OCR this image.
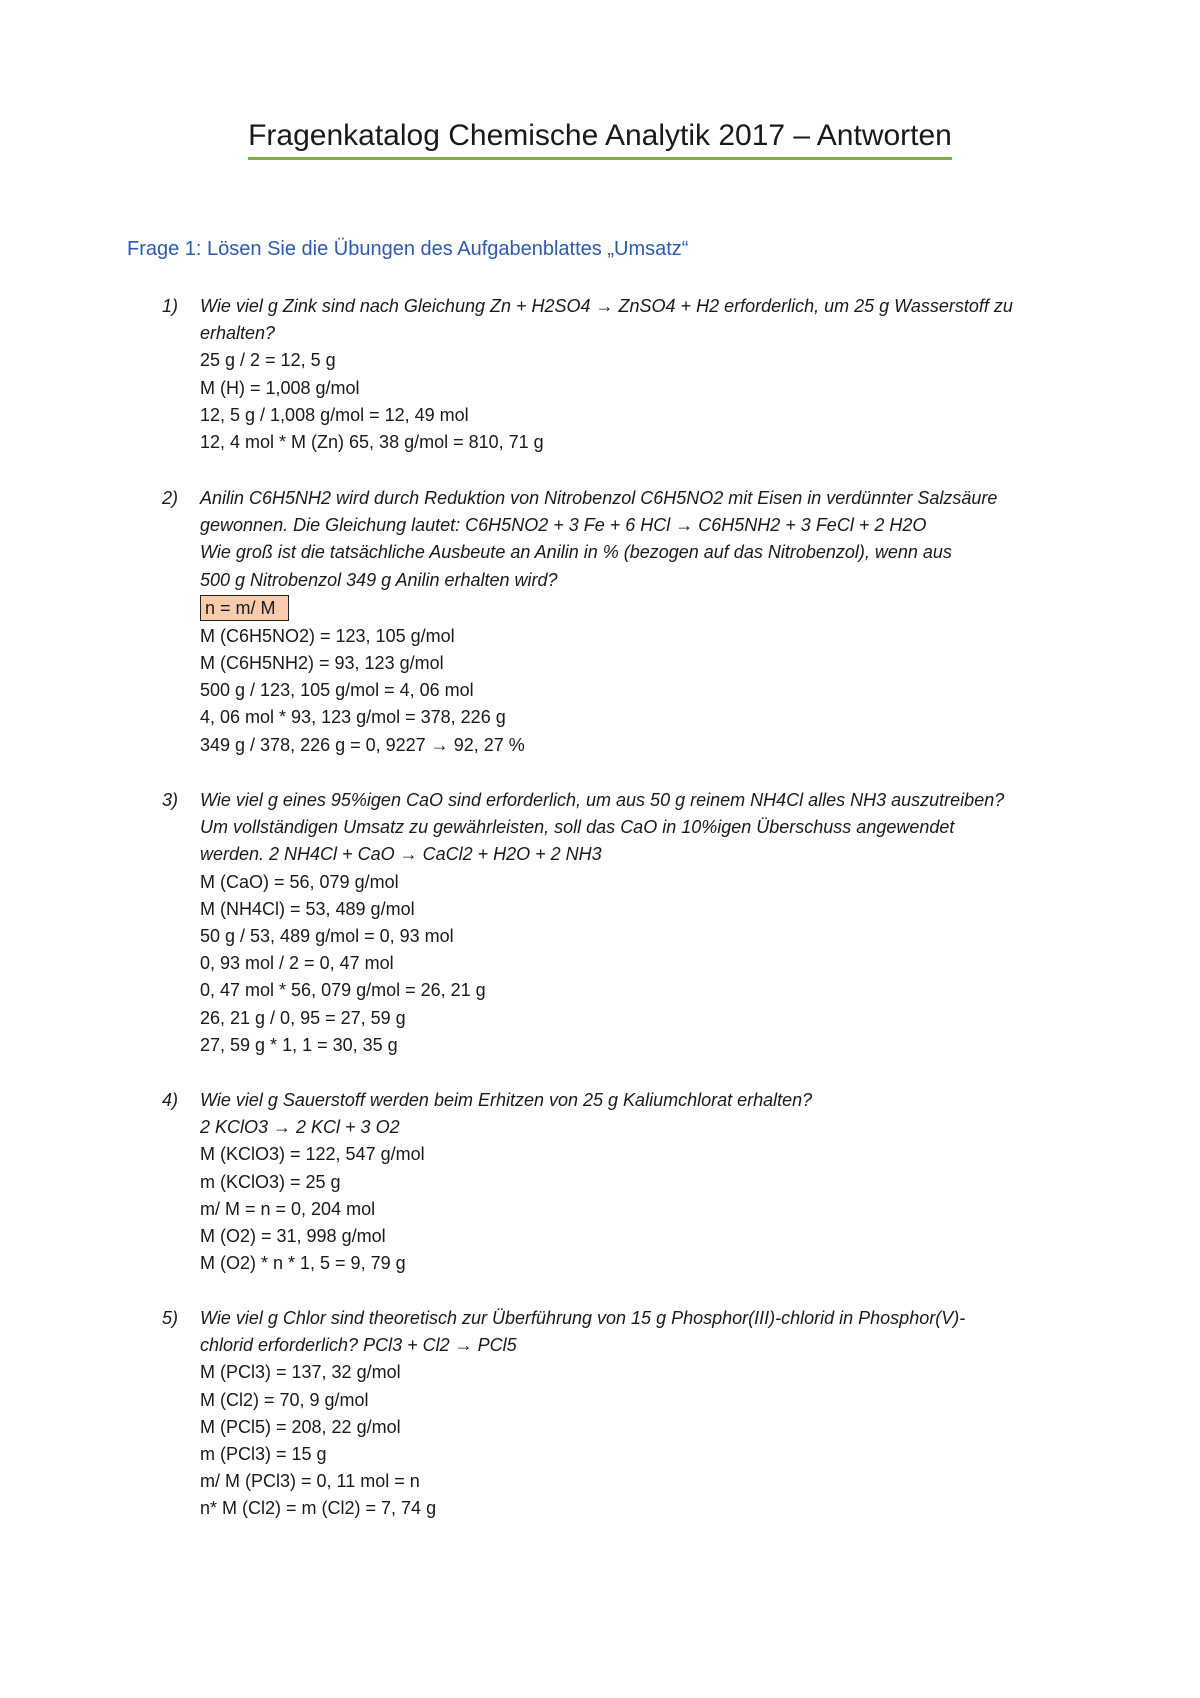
Fragenkatalog Chemische Analytik 2017 – Antworten
Frage 1: Lösen Sie die Übungen des Aufgabenblattes „Umsatz“
1) Wie viel g Zink sind nach Gleichung Zn + H2SO4 → ZnSO4 + H2 erforderlich, um 25 g Wasserstoff zu
erhalten?
25 g / 2 = 12, 5 g
M (H) = 1,008 g/mol
12, 5 g / 1,008 g/mol = 12, 49 mol
12, 4 mol * M (Zn) 65, 38 g/mol = 810, 71 g
2) Anilin C6H5NH2 wird durch Reduktion von Nitrobenzol C6H5NO2 mit Eisen in verdünnter Salzsäure
gewonnen. Die Gleichung lautet: C6H5NO2 + 3 Fe + 6 HCl → C6H5NH2 + 3 FeCl + 2 H2O
Wie groß ist die tatsächliche Ausbeute an Anilin in % (bezogen auf das Nitrobenzol), wenn aus
500 g Nitrobenzol 349 g Anilin erhalten wird?
n = m/ M
M (C6H5NO2) = 123, 105 g/mol
M (C6H5NH2) = 93, 123 g/mol
500 g / 123, 105 g/mol = 4, 06 mol
4, 06 mol * 93, 123 g/mol = 378, 226 g
349 g / 378, 226 g = 0, 9227 → 92, 27 %
3) Wie viel g eines 95%igen CaO sind erforderlich, um aus 50 g reinem NH4Cl alles NH3 auszutreiben?
Um vollständigen Umsatz zu gewährleisten, soll das CaO in 10%igen Überschuss angewendet
werden. 2 NH4Cl + CaO → CaCl2 + H2O + 2 NH3
M (CaO) = 56, 079 g/mol
M (NH4Cl) = 53, 489 g/mol
50 g / 53, 489 g/mol = 0, 93 mol
0, 93 mol / 2 = 0, 47 mol
0, 47 mol * 56, 079 g/mol = 26, 21 g
26, 21 g / 0, 95 = 27, 59 g
27, 59 g * 1, 1 = 30, 35 g
4) Wie viel g Sauerstoff werden beim Erhitzen von 25 g Kaliumchlorat erhalten?
2 KClO3 → 2 KCl + 3 O2
M (KClO3) = 122, 547 g/mol
m (KClO3) = 25 g
m/ M = n = 0, 204 mol
M (O2) = 31, 998 g/mol
M (O2) * n * 1, 5 = 9, 79 g
5) Wie viel g Chlor sind theoretisch zur Überführung von 15 g Phosphor(III)-chlorid in Phosphor(V)-
chlorid erforderlich? PCl3 + Cl2 → PCl5
M (PCl3) = 137, 32 g/mol
M (Cl2) = 70, 9 g/mol
M (PCl5) = 208, 22 g/mol
m (PCl3) = 15 g
m/ M (PCl3) = 0, 11 mol = n
n* M (Cl2) = m (Cl2) = 7, 74 g
